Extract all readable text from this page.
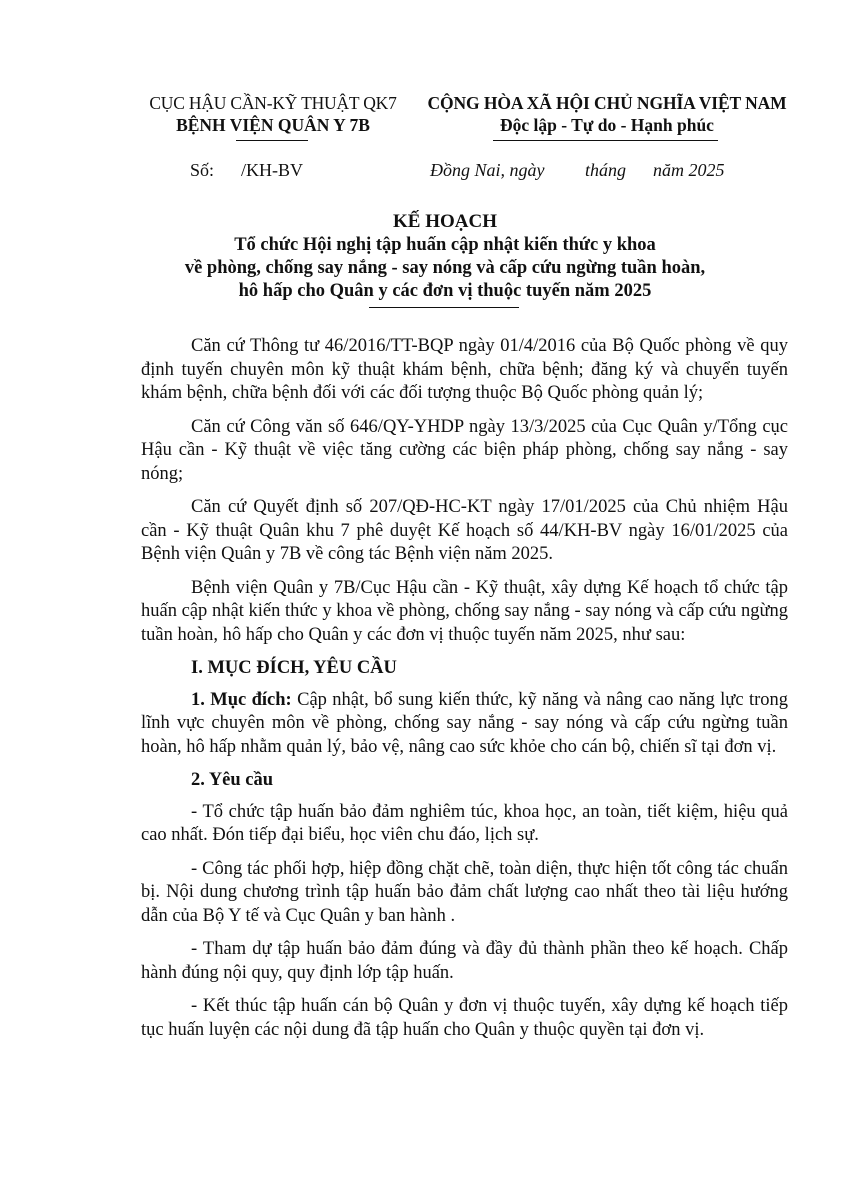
CỤC HẬU CẦN-KỸ THUẬT QK7
BỆNH VIỆN QUÂN Y 7B
CỘNG HÒA XÃ HỘI CHỦ NGHĨA VIỆT NAM
Độc lập - Tự do - Hạnh phúc
Số:      /KH-BV	Đồng Nai, ngày         tháng      năm 2025
KẾ HOẠCH
Tổ chức Hội nghị tập huấn cập nhật kiến thức y khoa
về phòng, chống say nắng - say nóng và cấp cứu ngừng tuần hoàn,
hô hấp cho Quân y các đơn vị thuộc tuyến năm 2025

Căn cứ Thông tư 46/2016/TT-BQP ngày 01/4/2016 của Bộ Quốc phòng về quy định tuyến chuyên môn kỹ thuật khám bệnh, chữa bệnh; đăng ký và chuyển tuyến khám bệnh, chữa bệnh đối với các đối tượng thuộc Bộ Quốc phòng quản lý;

Căn cứ Công văn số 646/QY-YHDP ngày 13/3/2025 của Cục Quân y/Tổng cục Hậu cần - Kỹ thuật về việc tăng cường các biện pháp phòng, chống say nắng - say nóng;

Căn cứ Quyết định số 207/QĐ-HC-KT ngày 17/01/2025 của Chủ nhiệm Hậu cần - Kỹ thuật Quân khu 7 phê duyệt Kế hoạch số 44/KH-BV ngày 16/01/2025 của Bệnh viện Quân y 7B về công tác Bệnh viện năm 2025.

Bệnh viện Quân y 7B/Cục Hậu cần - Kỹ thuật, xây dựng Kế hoạch tổ chức tập huấn cập nhật kiến thức y khoa về phòng, chống say nắng - say nóng và cấp cứu ngừng tuần hoàn, hô hấp cho Quân y các đơn vị thuộc tuyến năm 2025, như sau:

I. MỤC ĐÍCH, YÊU CẦU

1. Mục đích: Cập nhật, bổ sung kiến thức, kỹ năng và nâng cao năng lực trong lĩnh vực chuyên môn về phòng, chống say nắng - say nóng và cấp cứu ngừng tuần hoàn, hô hấp nhằm quản lý, bảo vệ, nâng cao sức khỏe cho cán bộ, chiến sĩ tại đơn vị.

2. Yêu cầu

- Tổ chức tập huấn bảo đảm nghiêm túc, khoa học, an toàn, tiết kiệm, hiệu quả cao nhất. Đón tiếp đại biểu, học viên chu đáo, lịch sự.

- Công tác phối hợp, hiệp đồng chặt chẽ, toàn diện, thực hiện tốt công tác chuẩn bị. Nội dung chương trình tập huấn bảo đảm chất lượng cao nhất theo tài liệu hướng dẫn của Bộ Y tế và Cục Quân y ban hành .

- Tham dự tập huấn bảo đảm đúng và đầy đủ thành phần theo kế hoạch. Chấp hành đúng nội quy, quy định lớp tập huấn.

- Kết thúc tập huấn cán bộ Quân y đơn vị thuộc tuyến, xây dựng kế hoạch tiếp tục huấn luyện các nội dung đã tập huấn cho Quân y thuộc quyền tại đơn vị.
